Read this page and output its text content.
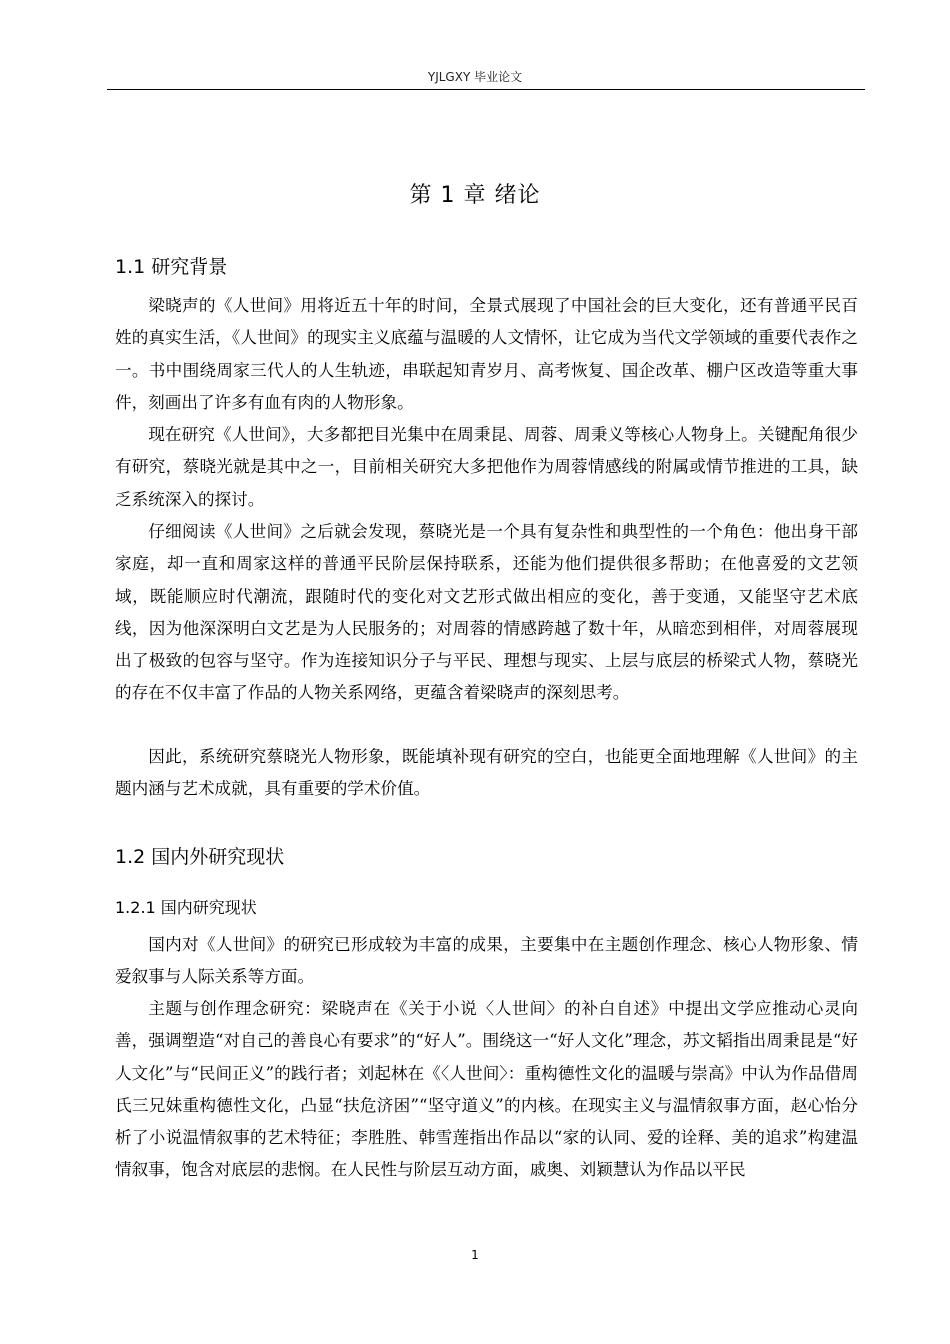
YJLGXY 毕业论文
第 1 章 绪论
1.1 研究背景

梁晓声的《人世间》用将近五十年的时间，全景式展现了中国社会的巨大变化，还有普通平民百姓的真实生活，《人世间》的现实主义底蕴与温暖的人文情怀，让它成为当代文学领域的重要代表作之一。书中围绕周家三代人的人生轨迹，串联起知青岁月、高考恢复、国企改革、棚户区改造等重大事件，刻画出了许多有血有肉的人物形象。

现在研究《人世间》，大多都把目光集中在周秉昆、周蓉、周秉义等核心人物身上。关键配角很少有研究，蔡晓光就是其中之一，目前相关研究大多把他作为周蓉情感线的附属或情节推进的工具，缺乏系统深入的探讨。

仔细阅读《人世间》之后就会发现，蔡晓光是一个具有复杂性和典型性的一个角色：他出身干部家庭，却一直和周家这样的普通平民阶层保持联系，还能为他们提供很多帮助；在他喜爱的文艺领域，既能顺应时代潮流，跟随时代的变化对文艺形式做出相应的变化，善于变通，又能坚守艺术底线，因为他深深明白文艺是为人民服务的；对周蓉的情感跨越了数十年，从暗恋到相伴，对周蓉展现出了极致的包容与坚守。作为连接知识分子与平民、理想与现实、上层与底层的桥梁式人物，蔡晓光的存在不仅丰富了作品的人物关系网络，更蕴含着梁晓声的深刻思考。

因此，系统研究蔡晓光人物形象，既能填补现有研究的空白，也能更全面地理解《人世间》的主题内涵与艺术成就，具有重要的学术价值。

1.2 国内外研究现状
1.2.1 国内研究现状

国内对《人世间》的研究已形成较为丰富的成果，主要集中在主题创作理念、核心人物形象、情爱叙事与人际关系等方面。

主题与创作理念研究：梁晓声在《关于小说〈人世间〉的补白自述》中提出文学应推动心灵向善，强调塑造“对自己的善良心有要求”的“好人”。围绕这一“好人文化”理念，苏文韬指出周秉昆是“好人文化”与“民间正义”的践行者；刘起林在《〈人世间〉：重构德性文化的温暖与崇高》中认为作品借周氏三兄妹重构德性文化，凸显“扶危济困”“坚守道义”的内核。在现实主义与温情叙事方面，赵心怡分析了小说温情叙事的艺术特征；李胜胜、韩雪莲指出作品以“家的认同、爱的诠释、美的追求”构建温情叙事，饱含对底层的悲悯。在人民性与阶层互动方面，戚奥、刘颖慧认为作品以平民

1
